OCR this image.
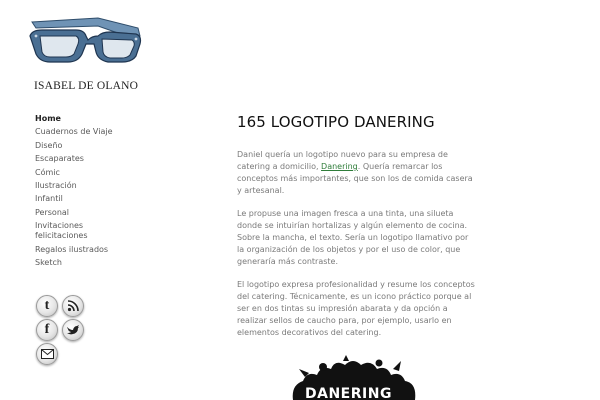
ISABEL DE OLANO
Home
Cuadernos de Viaje
Diseño
Escaparates
Cómic
Ilustración
Infantil
Personal
Invitaciones felicitaciones
Regalos ilustrados
Sketch
t
f
165 LOGOTIPO DANERING

Daniel quería un logotipo nuevo para su empresa de catering a domicilio, Danering. Quería remarcar los conceptos más importantes, que son los de comida casera y artesanal.

Le propuse una imagen fresca a una tinta, una silueta donde se intuirían hortalizas y algún elemento de cocina. Sobre la mancha, el texto. Sería un logotipo llamativo por la organización de los objetos y por el uso de color, que generaría más contraste.

El logotipo expresa profesionalidad y resume los conceptos del catering. Técnicamente, es un icono práctico porque al ser en dos tintas su impresión abarata y da opción a realizar sellos de caucho para, por ejemplo, usarlo en elementos decorativos del catering.

DANERING
